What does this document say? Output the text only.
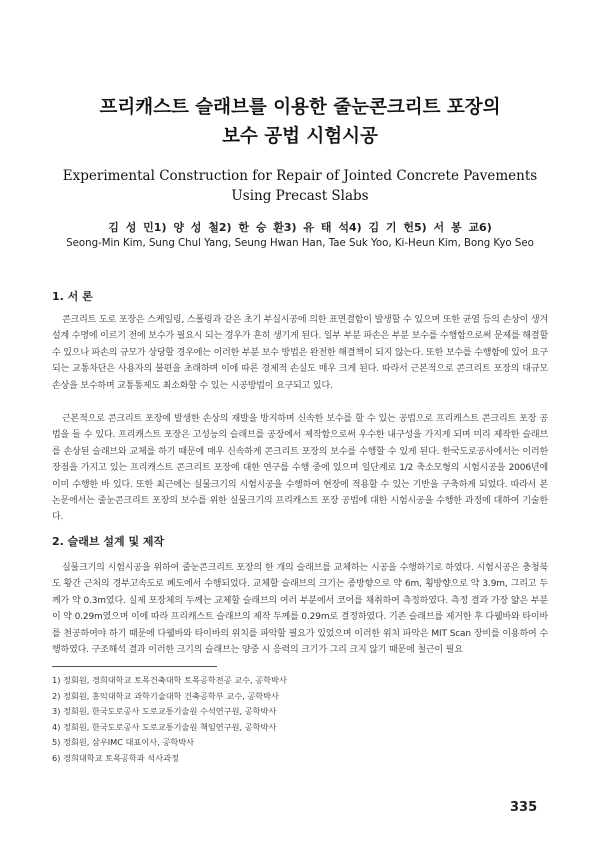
프리캐스트 슬래브를 이용한 줄눈콘크리트 포장의
보수 공법 시험시공
Experimental Construction for Repair of Jointed Concrete Pavements
Using Precast Slabs
김 성 민1) 양 성 철2) 한 승 환3) 유 태 석4) 김 기 헌5) 서 봉 교6)
Seong-Min Kim, Sung Chul Yang, Seung Hwan Han, Tae Suk Yoo, Ki-Heun Kim, Bong Kyo Seo
1. 서 론
콘크리트 도로 포장은 스케일링, 스폴링과 같은 초기 부실시공에 의한 표면결함이 발생할 수 있으며 또한 균열 등의 손상이 생겨 설계 수명에 이르기 전에 보수가 필요시 되는 경우가 흔히 생기게 된다. 일부 부분 파손은 부분 보수를 수행함으로써 문제를 해결할 수 있으나 파손의 규모가 상당할 경우에는 이러한 부분 보수 방법은 완전한 해결책이 되지 않는다. 또한 보수를 수행함에 있어 요구되는 교통차단은 사용자의 불편을 초래하며 이에 따른 경제적 손실도 매우 크게 된다. 따라서 근본적으로 콘크리트 포장의 대규모 손상을 보수하며 교통통제도 최소화할 수 있는 시공방법이 요구되고 있다.
근본적으로 콘크리트 포장에 발생한 손상의 재발을 방지하며 신속한 보수를 할 수 있는 공법으로 프리캐스트 콘크리트 포장 공법을 들 수 있다. 프리캐스트 포장은 고성능의 슬래브를 공장에서 제작함으로써 우수한 내구성을 가지게 되며 미리 제작한 슬래브를 손상된 슬래브와 교체를 하기 때문에 매우 신속하게 콘크리트 포장의 보수를 수행할 수 있게 된다. 한국도로공사에서는 이러한 장점을 가지고 있는 프리캐스트 콘크리트 포장에 대한 연구를 수행 중에 있으며 일단계로 1/2 축소모형의 시험시공을 2006년에 이미 수행한 바 있다. 또한 최근에는 실물크기의 시험시공을 수행하여 현장에 적용할 수 있는 기반을 구축하게 되었다. 따라서 본 논문에서는 줄눈콘크리트 포장의 보수를 위한 실물크기의 프리캐스트 포장 공법에 대한 시험시공을 수행한 과정에 대하여 기술한다.
2. 슬래브 설계 및 제작
실물크기의 시험시공을 위하여 줄눈콘크리트 포장의 한 개의 슬래브를 교체하는 시공을 수행하기로 하였다. 시험시공은 충청북도 황간 근처의 경부고속도로 폐도에서 수행되었다. 교체할 슬래브의 크기는 종방향으로 약 6m, 횡방향으로 약 3.9m, 그리고 두께가 약 0.3m였다. 실제 포장체의 두께는 교체할 슬래브의 여러 부분에서 코어를 채취하여 측정하였다. 측정 결과 가장 얇은 부분이 약 0.29m였으며 이에 따라 프리캐스트 슬래브의 제작 두께를 0.29m로 결정하였다. 기존 슬래브를 제거한 후 다웰바와 타이바를 천공하여야 하기 때문에 다웰바와 타이바의 위치를 파악할 필요가 있었으며 이러한 위치 파악은 MIT Scan 장비를 이용하여 수행하였다. 구조해석 결과 이러한 크기의 슬래브는 양중 시 응력의 크기가 그리 크지 않기 때문에 철근이 필요
1) 정회원, 경희대학교 토목건축대학 토목공학전공 교수, 공학박사
2) 정회원, 홍익대학교 과학기술대학 건축공학부 교수, 공학박사
3) 정회원, 한국도로공사 도로교통기술원 수석연구원, 공학박사
4) 정회원, 한국도로공사 도로교통기술원 책임연구원, 공학박사
5) 정회원, 삼우IMC 대표이사, 공학박사
6) 경희대학교 토목공학과 석사과정
335
